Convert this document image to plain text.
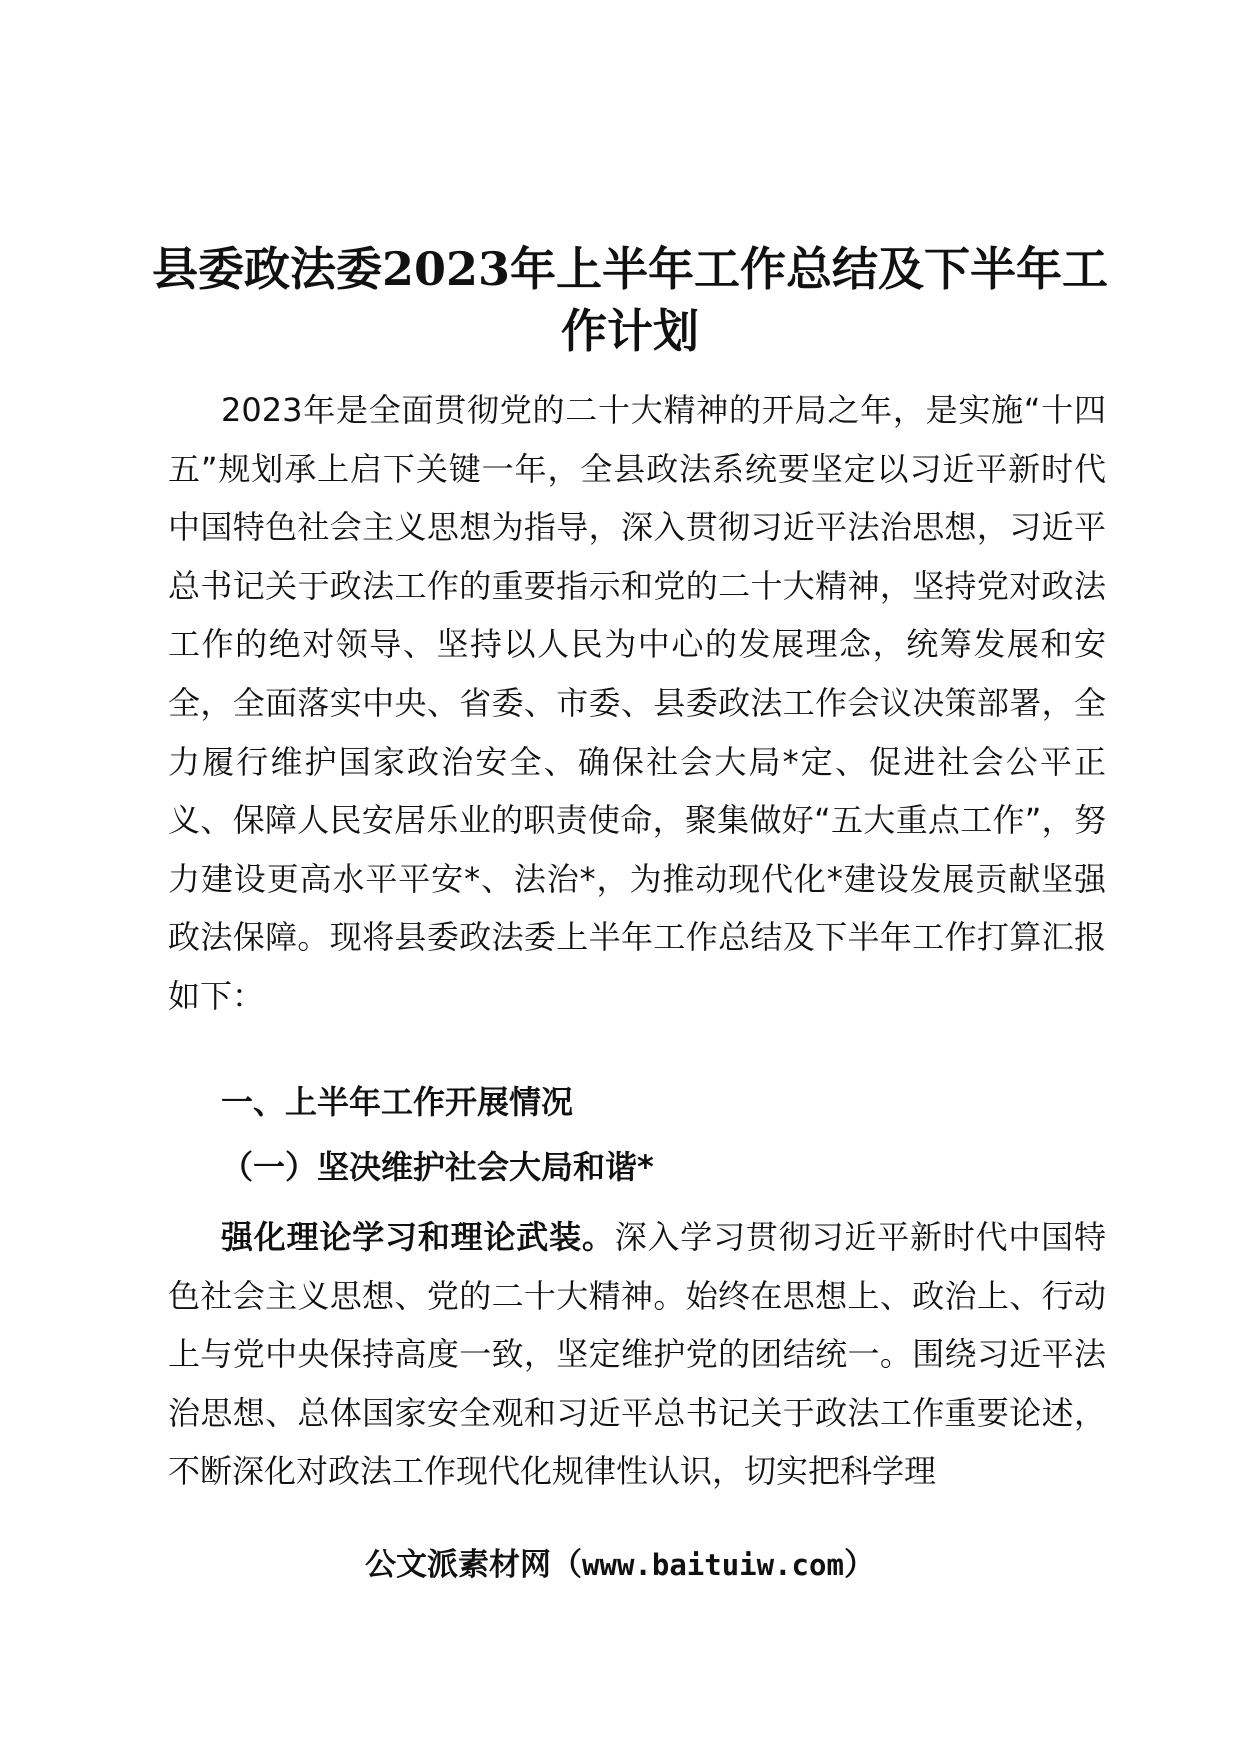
县委政法委2023年上半年工作总结及下半年工作计划

2023年是全面贯彻党的二十大精神的开局之年，是实施“十四五”规划承上启下关键一年，全县政法系统要坚定以习近平新时代中国特色社会主义思想为指导，深入贯彻习近平法治思想，习近平总书记关于政法工作的重要指示和党的二十大精神，坚持党对政法工作的绝对领导、坚持以人民为中心的发展理念，统筹发展和安全，全面落实中央、省委、市委、县委政法工作会议决策部署，全力履行维护国家政治安全、确保社会大局*定、促进社会公平正义、保障人民安居乐业的职责使命，聚集做好“五大重点工作”，努力建设更高水平平安*、法治*，为推动现代化*建设发展贡献坚强政法保障。现将县委政法委上半年工作总结及下半年工作打算汇报如下：

一、上半年工作开展情况
（一）坚决维护社会大局和谐*

强化理论学习和理论武装。深入学习贯彻习近平新时代中国特色社会主义思想、党的二十大精神。始终在思想上、政治上、行动上与党中央保持高度一致，坚定维护党的团结统一。围绕习近平法治思想、总体国家安全观和习近平总书记关于政法工作重要论述，不断深化对政法工作现代化规律性认识，切实把科学理

公文派素材网（www.baituiw.com）
